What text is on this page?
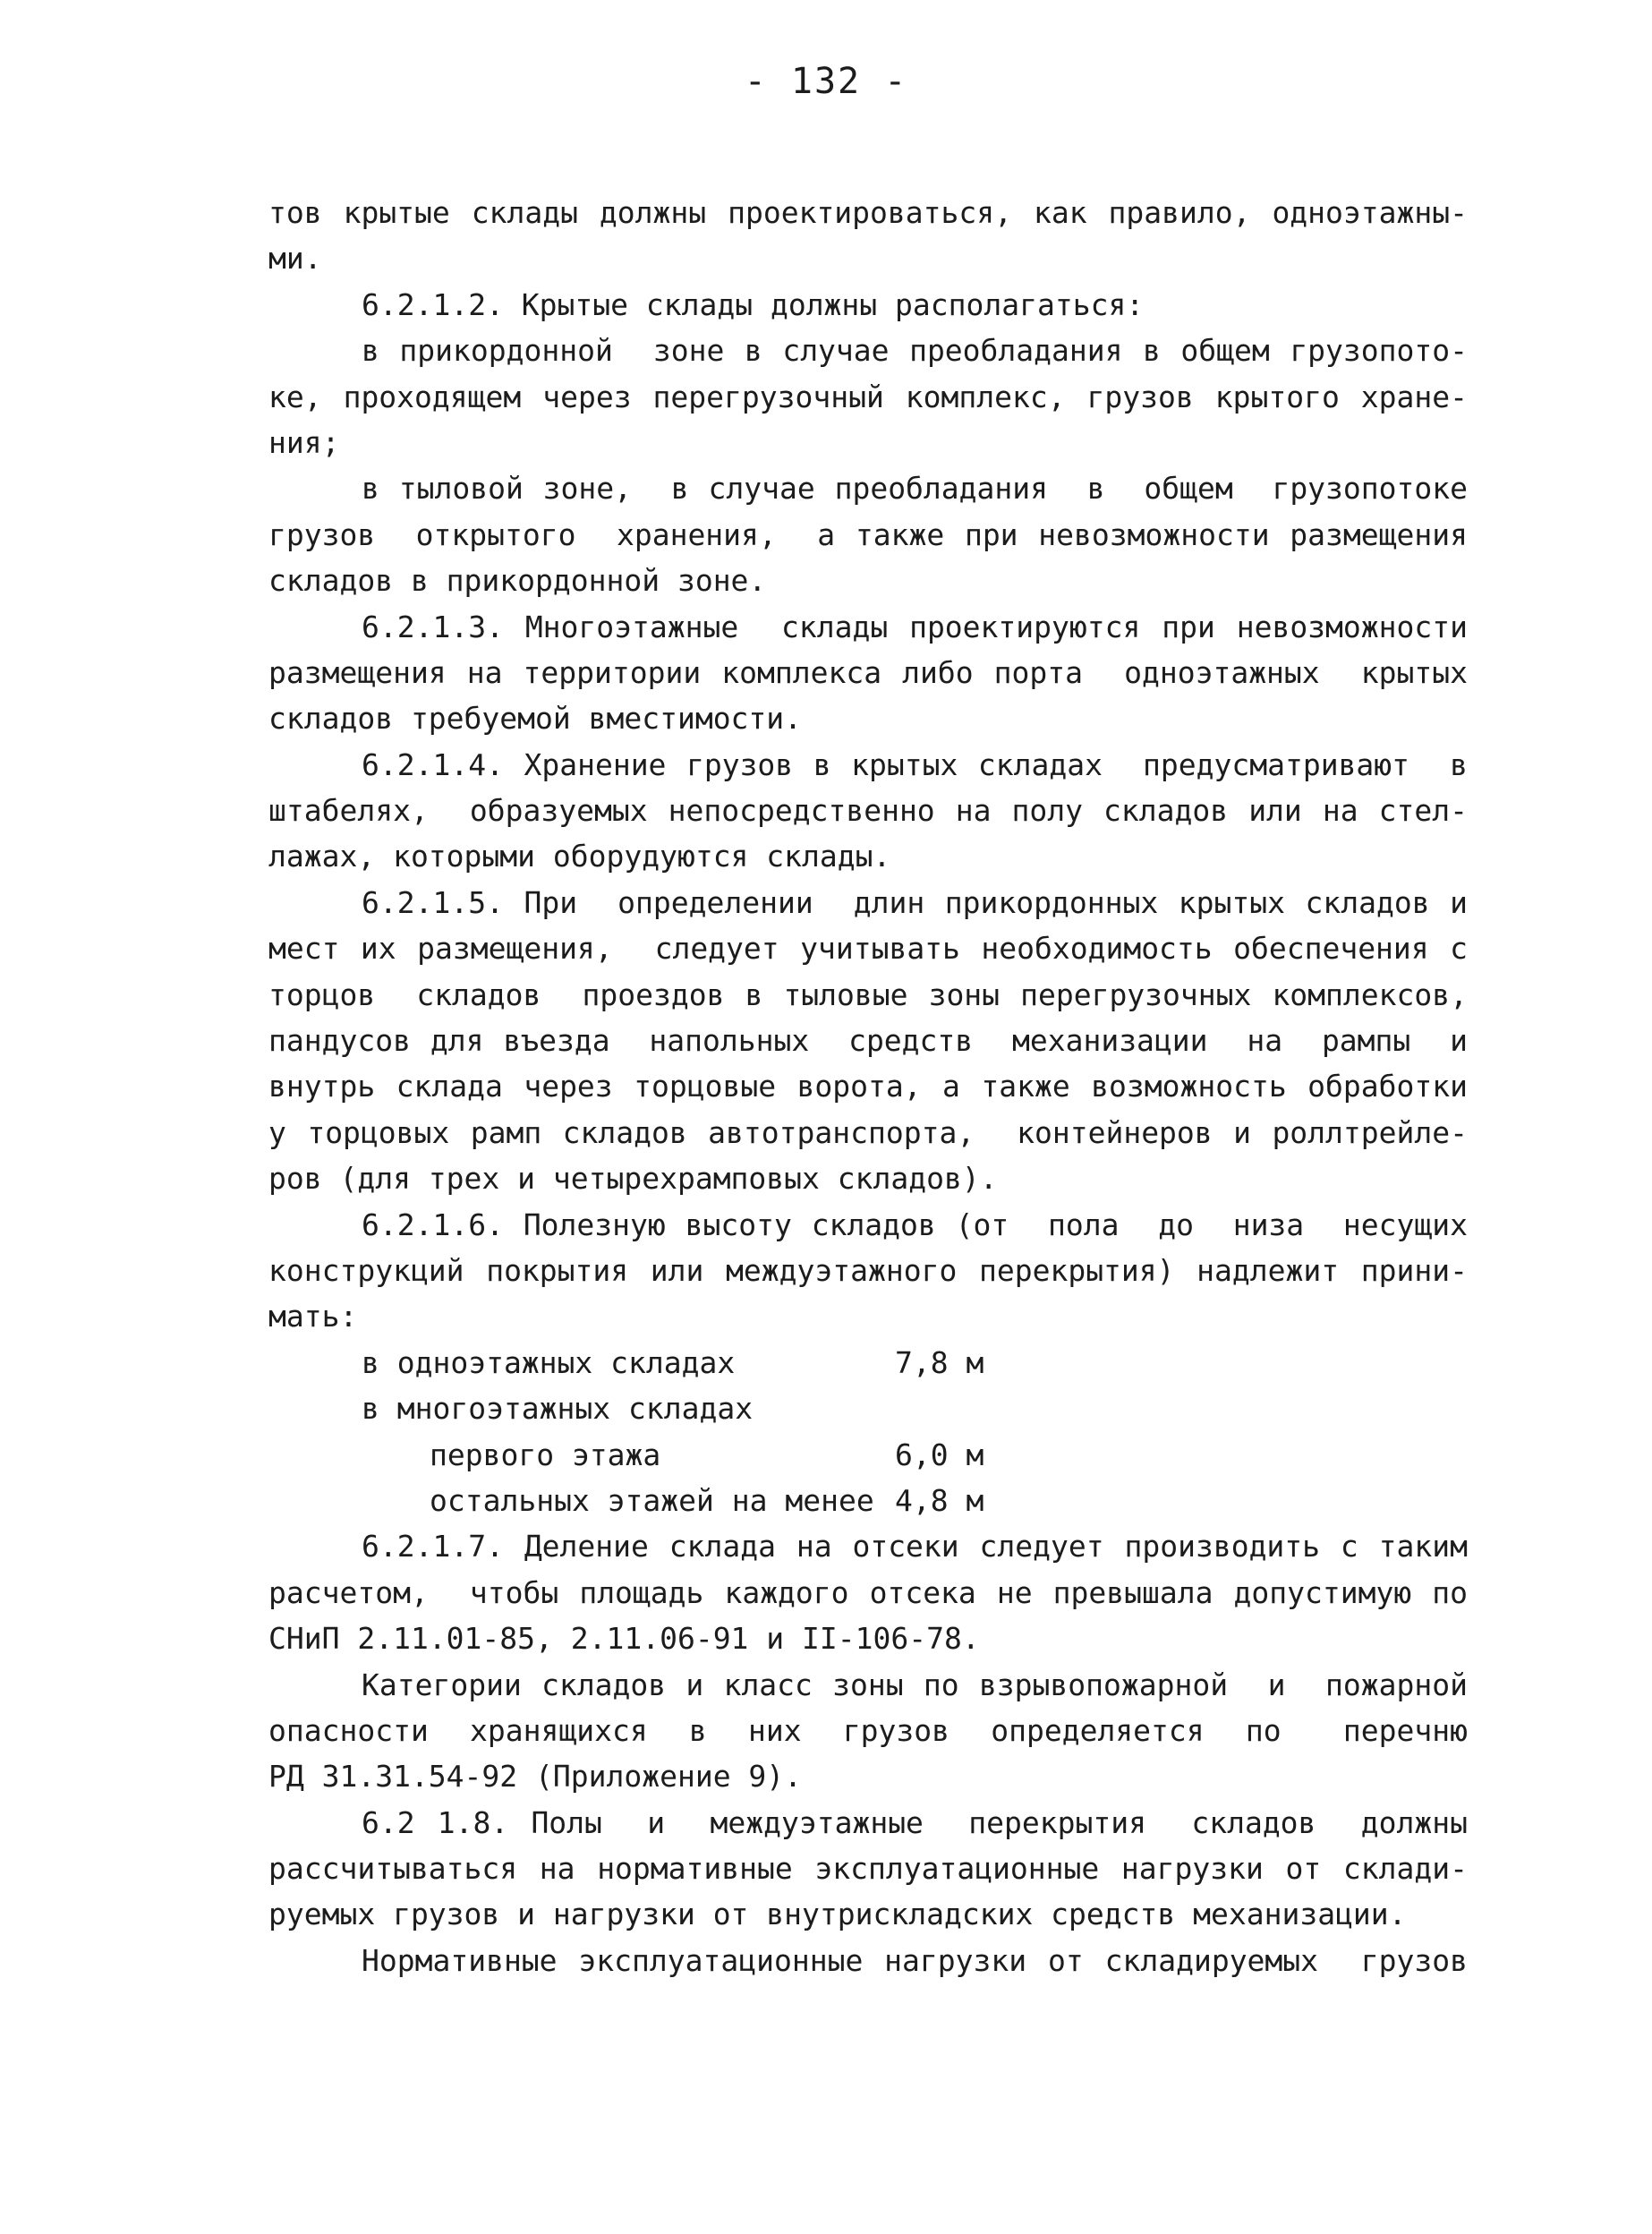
- 132 -
тов крытые склады должны проектироваться, как правило, одноэтажны-
ми.
6.2.1.2. Крытые склады должны располагаться:
в прикордонной  зоне в случае преобладания в общем грузопото-
ке, проходящем через перегрузочный комплекс, грузов крытого хране-
ния;
в тыловой зоне,  в случае преобладания  в  общем  грузопотоке
грузов  открытого  хранения,  а также при невозможности размещения
складов в прикордонной зоне.
6.2.1.3. Многоэтажные  склады проектируются при невозможности
размещения на территории комплекса либо порта  одноэтажных  крытых
складов требуемой вместимости.
6.2.1.4. Хранение грузов в крытых складах  предусматривают  в
штабелях,  образуемых непосредственно на полу складов или на стел-
лажах, которыми оборудуются склады.
6.2.1.5. При  определении  длин прикордонных крытых складов и
мест их размещения,  следует учитывать необходимость обеспечения с
торцов  складов  проездов в тыловые зоны перегрузочных комплексов,
пандусов для въезда  напольных  средств  механизации  на  рампы  и
внутрь склада через торцовые ворота, а также возможность обработки
у торцовых рамп складов автотранспорта,  контейнеров и роллтрейле-
ров (для трех и четырехрамповых складов).
6.2.1.6. Полезную высоту складов (от  пола  до  низа  несущих
конструкций покрытия или междуэтажного перекрытия) надлежит прини-
мать:
в одноэтажных складах	7,8 м
в многоэтажных складах
первого этажа	6,0 м
остальных этажей на менее 4,8 м
6.2.1.7. Деление склада на отсеки следует производить с таким
расчетом,  чтобы площадь каждого отсека не превышала допустимую по
СНиП 2.11.01-85, 2.11.06-91 и II-106-78.
Категории складов и класс зоны по взрывопожарной  и  пожарной
опасности  хранящихся  в  них  грузов  определяется  по   перечню
РД 31.31.54-92 (Приложение 9).
6.2 1.8. Полы  и  междуэтажные  перекрытия  складов  должны
рассчитываться на нормативные эксплуатационные нагрузки от склади-
руемых грузов и нагрузки от внутрискладских средств механизации.
Нормативные эксплуатационные нагрузки от складируемых  грузов
